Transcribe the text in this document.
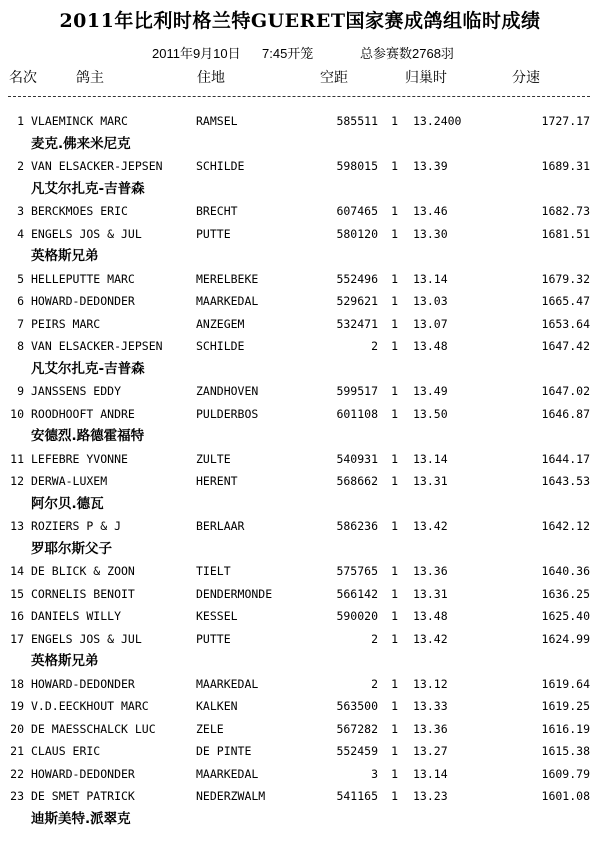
2011年比利时格兰特GUERET国家赛成鸽组临时成绩
2011年9月10日 7:45开笼	总参赛数2768羽
名次	鸽主	住地	空距	归巢时	分速
1 VLAEMINCK MARC	RAMSEL	585511	1 13.2400	1727.17
麦克.佛来米尼克
2 VAN ELSACKER-JEPSEN	SCHILDE	598015	1 13.39	1689.31
凡艾尔扎克-吉普森
3 BERCKMOES ERIC	BRECHT	607465	1 13.46	1682.73
4 ENGELS JOS & JUL	PUTTE	580120	1 13.30	1681.51
英格斯兄弟
5 HELLEPUTTE MARC	MERELBEKE	552496	1 13.14	1679.32
6 HOWARD-DEDONDER	MAARKEDAL	529621	1 13.03	1665.47
7 PEIRS MARC	ANZEGEM	532471	1 13.07	1653.64
8 VAN ELSACKER-JEPSEN	SCHILDE	2	1 13.48	1647.42
凡艾尔扎克-吉普森
9 JANSSENS EDDY	ZANDHOVEN	599517	1 13.49	1647.02
10 ROODHOOFT ANDRE	PULDERBOS	601108	1 13.50	1646.87
安德烈.路德霍福特
11 LEFEBRE YVONNE	ZULTE	540931	1 13.14	1644.17
12 DERWA-LUXEM	HERENT	568662	1 13.31	1643.53
阿尔贝.德瓦
13 ROZIERS P & J	BERLAAR	586236	1 13.42	1642.12
罗耶尔斯父子
14 DE BLICK & ZOON	TIELT	575765	1 13.36	1640.36
15 CORNELIS BENOIT	DENDERMONDE	566142	1 13.31	1636.25
16 DANIELS WILLY	KESSEL	590020	1 13.48	1625.40
17 ENGELS JOS & JUL	PUTTE	2	1 13.42	1624.99
英格斯兄弟
18 HOWARD-DEDONDER	MAARKEDAL	2	1 13.12	1619.64
19 V.D.EECKHOUT MARC	KALKEN	563500	1 13.33	1619.25
20 DE MAESSCHALCK LUC	ZELE	567282	1 13.36	1616.19
21 CLAUS ERIC	DE PINTE	552459	1 13.27	1615.38
22 HOWARD-DEDONDER	MAARKEDAL	3	1 13.14	1609.79
23 DE SMET PATRICK	NEDERZWALM	541165	1 13.23	1601.08
迪斯美特.派翠克
